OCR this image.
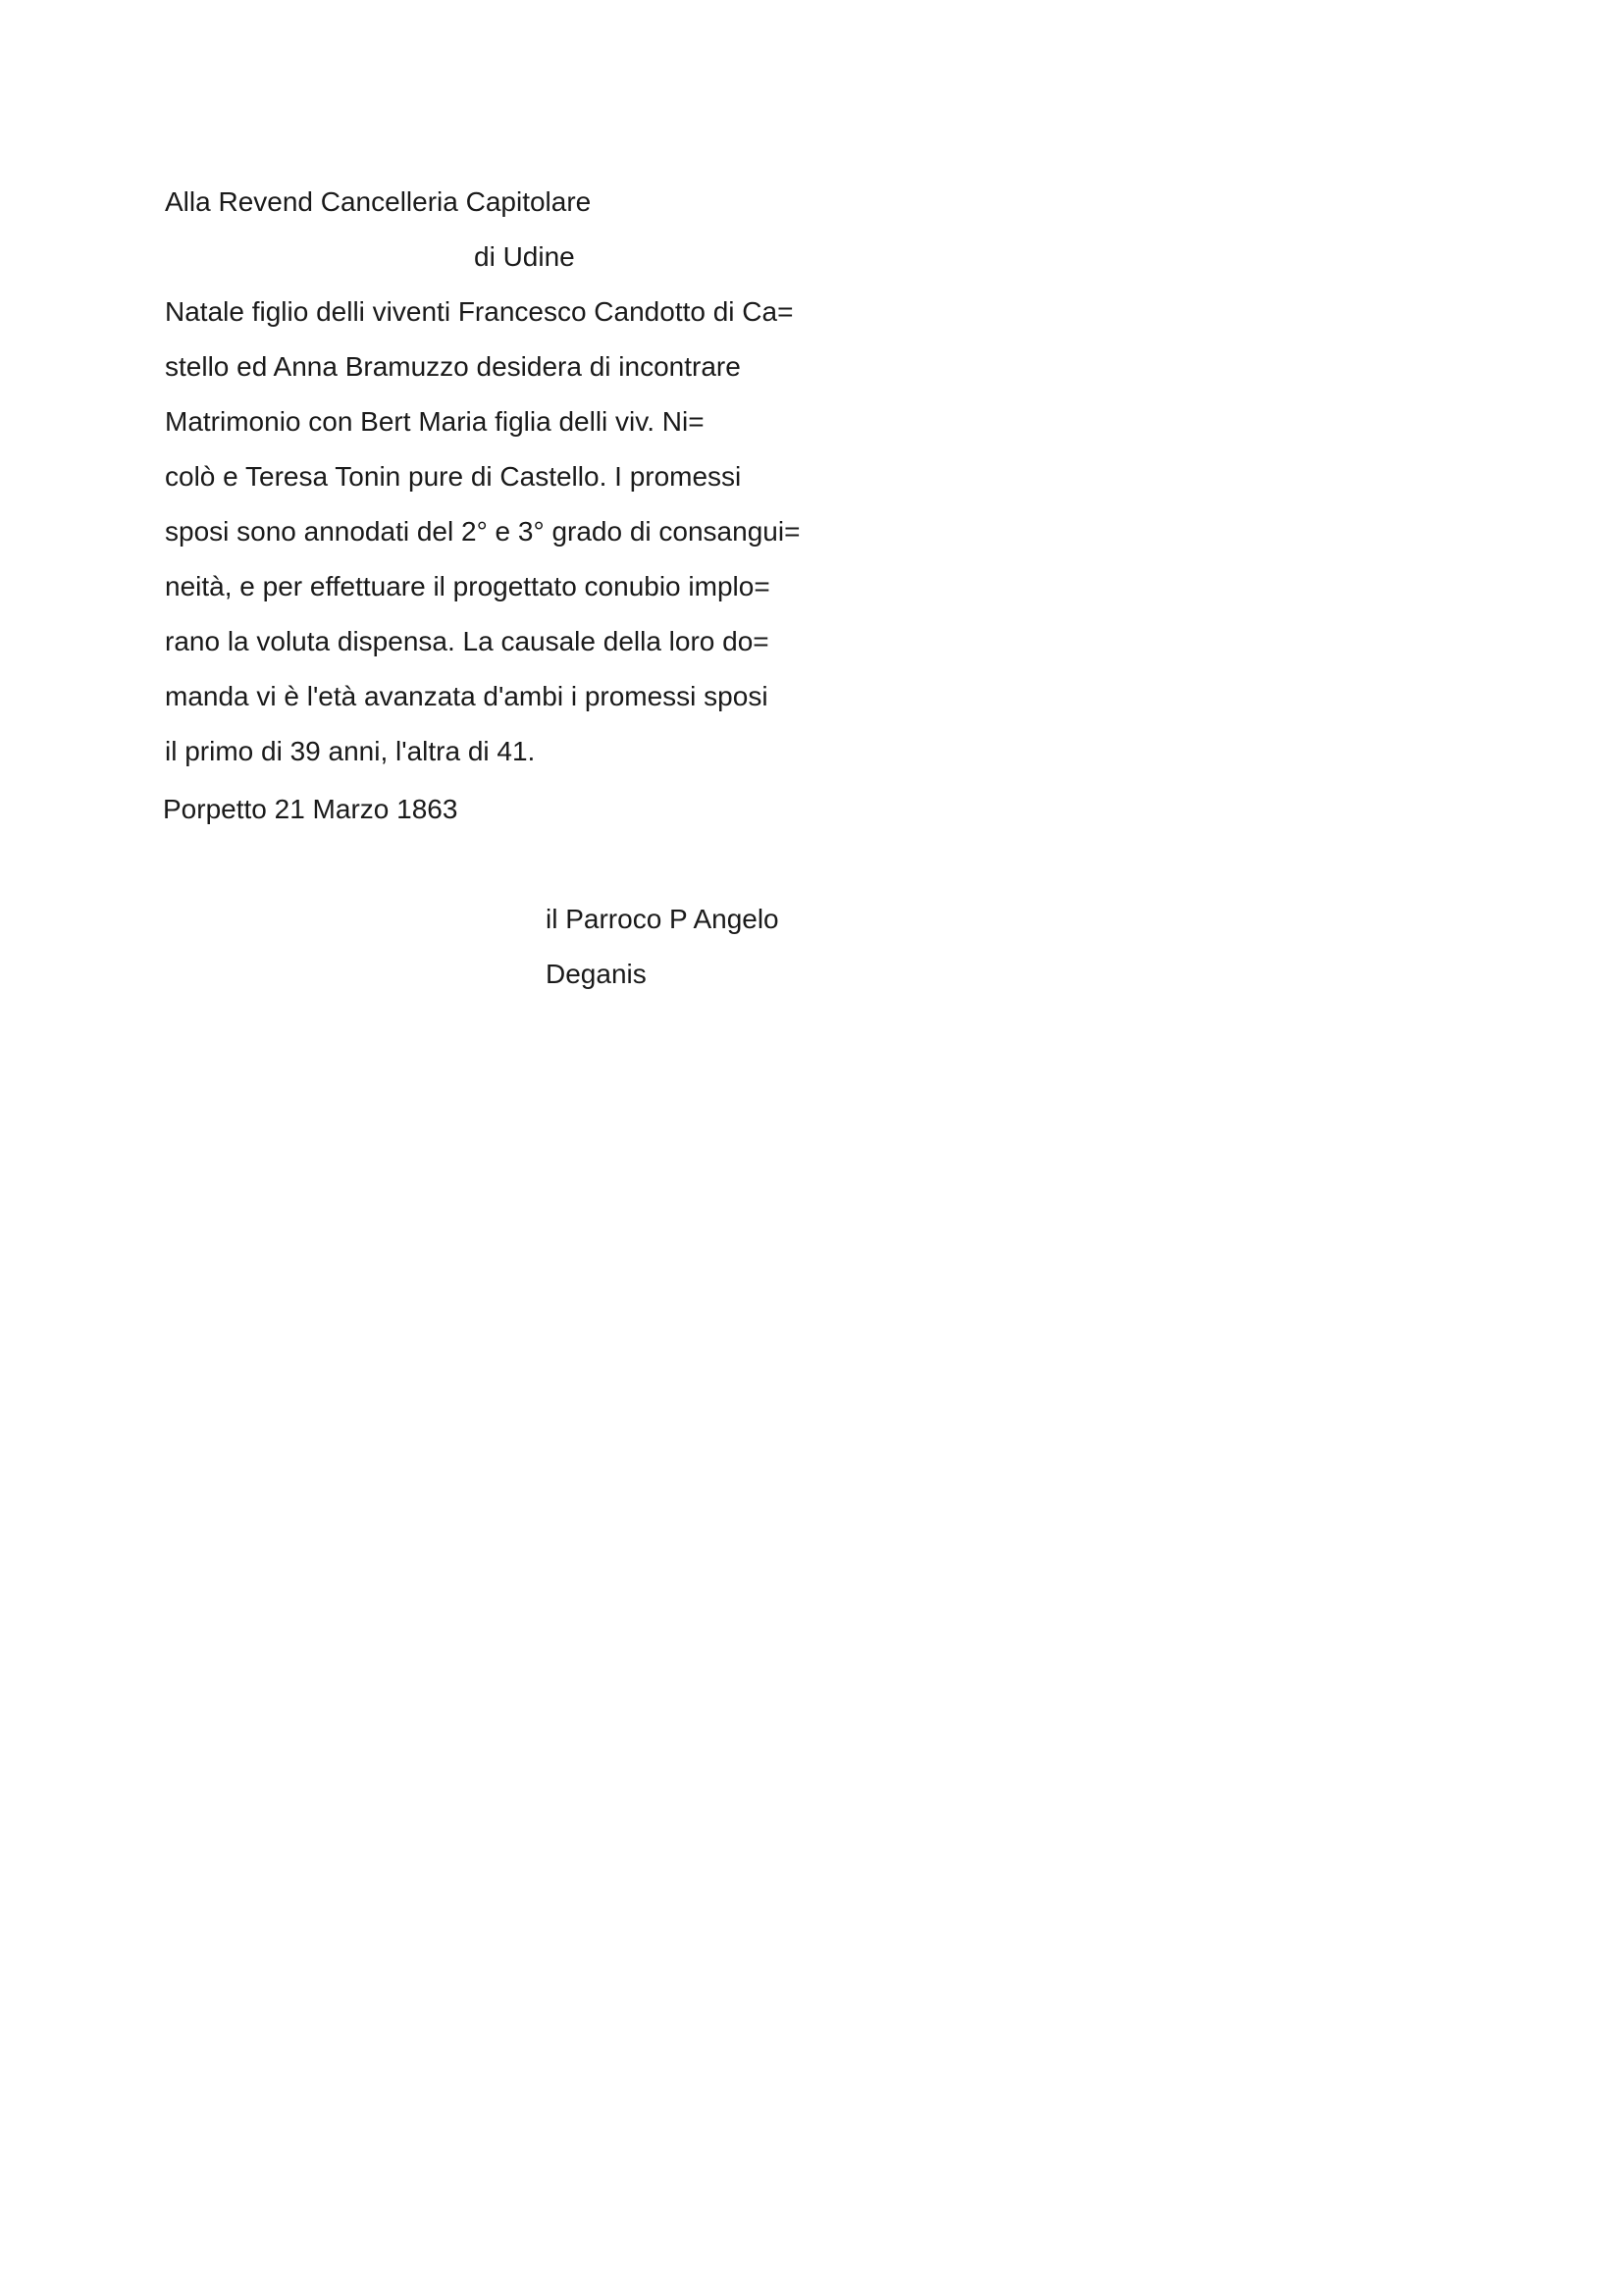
Alla Revend Cancelleria Capitolare
di Udine
Natale figlio delli viventi Francesco Candotto di Ca=
stello ed Anna Bramuzzo desidera di incontrare
Matrimonio con Bert Maria figlia delli viv. Ni=
colò e Teresa Tonin pure di Castello. I promessi
sposi sono annodati del 2° e 3° grado di consangui=
neità, e per effettuare il progettato conubio implo=
rano la voluta dispensa. La causale della loro do=
manda vi è l'età avanzata d'ambi i promessi sposi
il primo di 39 anni, l'altra di 41.
Porpetto 21 Marzo 1863
il Parroco P Angelo
Deganis
